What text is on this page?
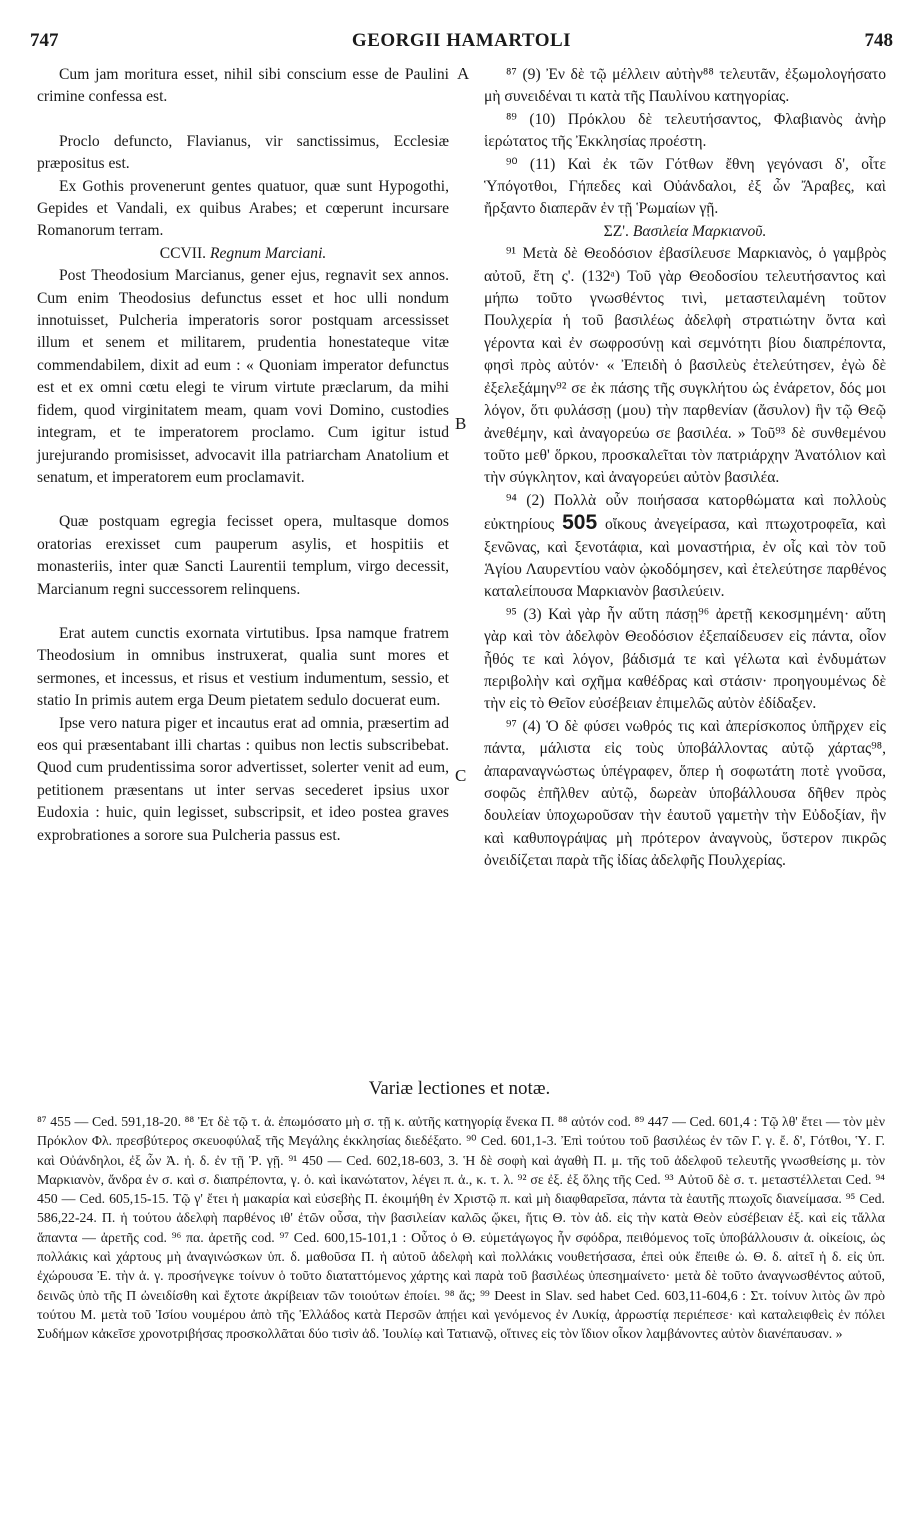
747	GEORGII HAMARTOLI	748
A
B
C

Cum jam moritura esset, nihil sibi conscium esse de Paulini crimine confessa est.

Proclo defuncto, Flavianus, vir sanctissimus, Ecclesiæ præpositus est.

Ex Gothis provenerunt gentes quatuor, quæ sunt Hypogothi, Gepides et Vandali, ex quibus Arabes; et cœperunt incursare Romanorum terram.

CCVII. Regnum Marciani.

Post Theodosium Marcianus, gener ejus, regnavit sex annos. Cum enim Theodosius defunctus esset et hoc ulli nondum innotuisset, Pulcheria imperatoris soror postquam arcessisset illum et senem et militarem, prudentia honestateque vitæ commendabilem, dixit ad eum : « Quoniam imperator defunctus est et ex omni cœtu elegi te virum virtute præclarum, da mihi fidem, quod virginitatem meam, quam vovi Domino, custodies integram, et te imperatorem proclamo. Cum igitur istud jurejurando promisisset, advocavit illa patriarcham Anatolium et senatum, et imperatorem eum proclamavit.

Quæ postquam egregia fecisset opera, multasque domos oratorias erexisset cum pauperum asylis, et hospitiis et monasteriis, inter quæ Sancti Laurentii templum, virgo decessit, Marcianum regni successorem relinquens.

Erat autem cunctis exornata virtutibus. Ipsa namque fratrem Theodosium in omnibus instruxerat, qualia sunt mores et sermones, et incessus, et risus et vestium indumentum, sessio, et statio In primis autem erga Deum pietatem sedulo docuerat eum.

Ipse vero natura piger et incautus erat ad omnia, præsertim ad eos qui præsentabant illi chartas : quibus non lectis subscribebat. Quod cum prudentissima soror advertisset, solerter venit ad eum, petitionem præsentans ut inter servas secederet ipsius uxor Eudoxia : huic, quin legisset, subscripsit, et ideo postea graves exprobrationes a sorore sua Pulcheria passus est.

⁸⁷ (9) Ἐν δὲ τῷ μέλλειν αὐτὴν⁸⁸ τελευτᾶν, ἐξωμολογήσατο μὴ συνειδέναι τι κατὰ τῆς Παυλίνου κατηγορίας.

⁸⁹ (10) Πρόκλου δὲ τελευτήσαντος, Φλαβιανὸς ἀνὴρ ἱερώτατος τῆς Ἐκκλησίας προέστη.

⁹⁰ (11) Καὶ ἐκ τῶν Γότθων ἔθνη γεγόνασι δ', οἷτε Ὑπόγοτθοι, Γήπεδες καὶ Οὐάνδαλοι, ἐξ ὧν Ἄραβες, καὶ ἤρξαντο διαπερᾶν ἐν τῇ Ῥωμαίων γῇ.

ΣΖ'. Βασιλεία Μαρκιανοῦ.

⁹¹ Μετὰ δὲ Θεοδόσιον ἐβασίλευσε Μαρκιανὸς, ὁ γαμβρὸς αὐτοῦ, ἔτη ς'. (132ᵃ) Τοῦ γὰρ Θεοδοσίου τελευτήσαντος καὶ μήπω τοῦτο γνωσθέντος τινὶ, μεταστειλαμένη τοῦτον Πουλχερία ἡ τοῦ βασιλέως ἀδελφὴ στρατιώτην ὄντα καὶ γέροντα καὶ ἐν σωφροσύνῃ καὶ σεμνότητι βίου διαπρέποντα, φησὶ πρὸς αὐτόν· « Ἐπειδὴ ὁ βασιλεὺς ἐτελεύτησεν, ἐγὼ δὲ ἐξελεξάμην⁹² σε ἐκ πάσης τῆς συγκλήτου ὡς ἐνάρετον, δός μοι λόγον, ὅτι φυλάσσῃ (μου) τὴν παρθενίαν (ἄσυλον) ἣν τῷ Θεῷ ἀνεθέμην, καὶ ἀναγορεύω σε βασιλέα. » Τοῦ⁹³ δὲ συνθεμένου τοῦτο μεθ' ὅρκου, προσκαλεῖται τὸν πατριάρχην Ἀνατόλιον καὶ τὴν σύγκλητον, καὶ ἀναγορεύει αὐτὸν βασιλέα.

⁹⁴ (2) Πολλὰ οὖν ποιήσασα κατορθώματα καὶ πολλοὺς εὐκτηρίους 505 οἴκους ἀνεγείρασα, καὶ πτωχοτροφεῖα, καὶ ξενῶνας, καὶ ξενοτάφια, καὶ μοναστήρια, ἐν οἷς καὶ τὸν τοῦ Ἁγίου Λαυρεντίου ναὸν ᾠκοδόμησεν, καὶ ἐτελεύτησε παρθένος καταλείπουσα Μαρκιανὸν βασιλεύειν.

⁹⁵ (3) Καὶ γὰρ ἦν αὕτη πάσῃ⁹⁶ ἀρετῇ κεκοσμημένη· αὕτη γὰρ καὶ τὸν ἀδελφὸν Θεοδόσιον ἐξεπαίδευσεν εἰς πάντα, οἷον ἦθός τε καὶ λόγον, βάδισμά τε καὶ γέλωτα καὶ ἐνδυμάτων περιβολὴν καὶ σχῆμα καθέδρας καὶ στάσιν· προηγουμένως δὲ τὴν εἰς τὸ Θεῖον εὐσέβειαν ἐπιμελῶς αὐτὸν ἐδίδαξεν.

⁹⁷ (4) Ὁ δὲ φύσει νωθρός τις καὶ ἀπερίσκοπος ὑπῆρχεν εἰς πάντα, μάλιστα εἰς τοὺς ὑποβάλλοντας αὐτῷ χάρτας⁹⁸, ἀπαραναγνώστως ὑπέγραφεν, ὅπερ ἡ σοφωτάτη ποτὲ γνοῦσα, σοφῶς ἐπῆλθεν αὐτῷ, δωρεὰν ὑποβάλλουσα δῆθεν πρὸς δουλείαν ὑποχωροῦσαν τὴν ἑαυτοῦ γαμετὴν τὴν Εὐδοξίαν, ἣν καὶ καθυπογράψας μὴ πρότερον ἀναγνοὺς, ὕστερον πικρῶς ὀνειδίζεται παρὰ τῆς ἰδίας ἀδελφῆς Πουλχερίας.

Variæ lectiones et notæ.
⁸⁷ 455 — Ced. 591,18-20. ⁸⁸ Ἐτ δὲ τῷ τ. ἀ. ἐπωμόσατο μὴ σ. τῇ κ. αὐτῆς κατηγορίᾳ ἕνεκα Π. ⁸⁸ αὐτόν cod. ⁸⁹ 447 — Ced. 601,4 : Τῷ λθ' ἔτει — τὸν μὲν Πρόκλον Φλ. πρεσβύτερος σκευοφύλαξ τῆς Μεγάλης ἐκκλησίας διεδέξατο. ⁹⁰ Ced. 601,1-3. Ἐπὶ τούτου τοῦ βασιλέως ἐν τῶν Γ. γ. ἔ. δ', Γότθοι, Ὑ. Γ. καὶ Οὐάνδηλοι, ἐξ ὧν Ἀ. ἠ. δ. ἐν τῇ Ῥ. γῇ. ⁹¹ 450 — Ced. 602,18-603, 3. Ἡ δὲ σοφὴ καὶ ἀγαθὴ Π. μ. τῆς τοῦ ἀδελφοῦ τελευτῆς γνωσθείσης μ. τὸν Μαρκιανὸν, ἄνδρα ἐν σ. καὶ σ. διαπρέποντα, γ. ὁ. καὶ ἱκανώτατον, λέγει π. ἀ., κ. τ. λ. ⁹² σε ἐξ. ἐξ ὅλης τῆς Ced. ⁹³ Αὐτοῦ δὲ σ. τ. μεταστέλλεται Ced. ⁹⁴ 450 — Ced. 605,15-15. Τῷ γ' ἔτει ἡ μακαρία καὶ εὐσεβὴς Π. ἐκοιμήθη ἐν Χριστῷ π. καὶ μὴ διαφθαρεῖσα, πάντα τὰ ἑαυτῆς πτωχοῖς διανείμασα. ⁹⁵ Ced. 586,22-24. Π. ἡ τούτου ἀδελφὴ παρθένος ιθ' ἐτῶν οὖσα, τὴν βασιλείαν καλῶς ᾤκει, ἥτις Θ. τὸν ἀδ. εἰς τὴν κατὰ Θεὸν εὐσέβειαν ἐξ. καὶ εἰς τἄλλα ἅπαντα — ἀρετῆς cod. ⁹⁶ πα. ἀρετῆς cod. ⁹⁷ Ced. 600,15-101,1 : Οὗτος ὁ Θ. εὐμετάγωγος ἦν σφόδρα, πειθόμενος τοῖς ὑποβάλλουσιν ἀ. οἰκείοις, ὡς πολλάκις καὶ χάρτους μὴ ἀναγινώσκων ὑπ. δ. μαθοῦσα Π. ἡ αὐτοῦ ἀδελφὴ καὶ πολλάκις νουθετήσασα, ἐπεὶ οὐκ ἔπειθε ὡ. Θ. δ. αἰτεῖ ἡ δ. εἰς ὑπ. ἐχώρουσα Ἐ. τὴν ἀ. γ. προσήνεγκε τοίνυν ὁ τοῦτο διαταττόμενος χάρτης καὶ παρὰ τοῦ βασιλέως ὑπεσημαίνετο· μετὰ δὲ τοῦτο ἀναγνωσθέντος αὐτοῦ, δεινῶς ὑπὸ τῆς Π ὠνειδίσθη καὶ ἔχτοτε ἀκρίβειαν τῶν τοιούτων ἐποίει. ⁹⁸ ἄς; ⁹⁹ Deest in Slav. sed habet Ced. 603,11-604,6 : Στ. τοίνυν λιτὸς ὢν πρὸ τούτου Μ. μετὰ τοῦ Ἰσίου νουμέρου ἀπὸ τῆς Ἑλλάδος κατὰ Περσῶν ἀπῄει καὶ γενόμενος ἐν Λυκίᾳ, ἀρρωστίᾳ περιέπεσε· καὶ καταλειφθεὶς ἐν πόλει Συδήμων κἀκεῖσε χρονοτριβήσας προσκολλᾶται δύο τισὶν ἀδ. Ἰουλίῳ καὶ Τατιανῷ, οἵτινες εἰς τὸν ἴδιον οἶκον λαμβάνοντες αὐτὸν διανέπαυσαν. »
